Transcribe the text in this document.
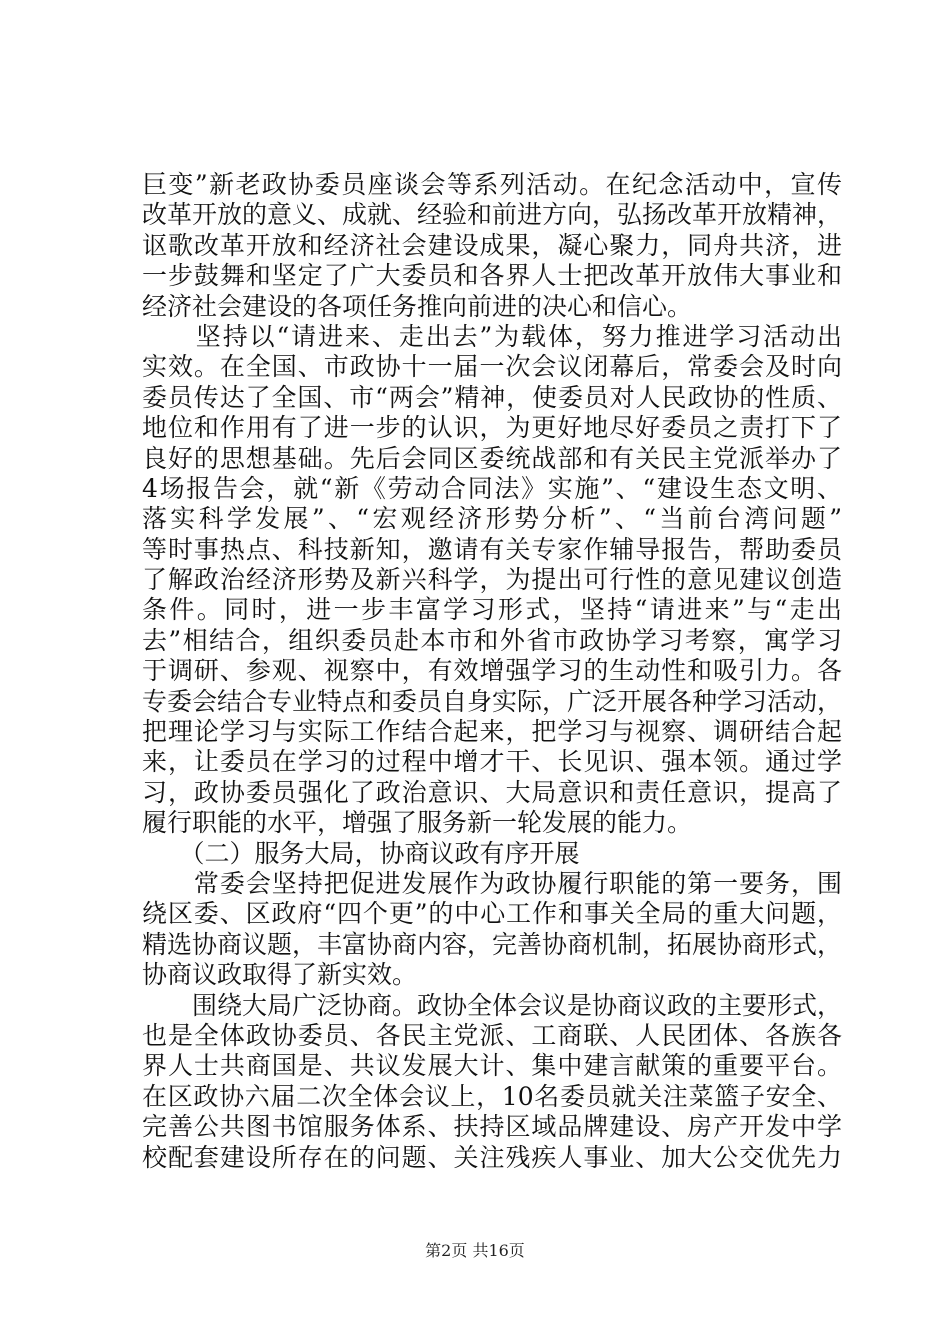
巨变”新老政协委员座谈会等系列活动。在纪念活动中，宣传
改革开放的意义、成就、经验和前进方向，弘扬改革开放精神，
讴歌改革开放和经济社会建设成果，凝心聚力，同舟共济，进
一步鼓舞和坚定了广大委员和各界人士把改革开放伟大事业和
经济社会建设的各项任务推向前进的决心和信心。
　　坚持以“请进来、走出去”为载体，努力推进学习活动出
实效。在全国、市政协十一届一次会议闭幕后，常委会及时向
委员传达了全国、市“两会”精神，使委员对人民政协的性质、
地位和作用有了进一步的认识，为更好地尽好委员之责打下了
良好的思想基础。先后会同区委统战部和有关民主党派举办了
4场报告会，就“新《劳动合同法》实施”、“建设生态文明、
落实科学发展”、“宏观经济形势分析”、“当前台湾问题”
等时事热点、科技新知，邀请有关专家作辅导报告，帮助委员
了解政治经济形势及新兴科学，为提出可行性的意见建议创造
条件。同时，进一步丰富学习形式，坚持“请进来”与“走出
去”相结合，组织委员赴本市和外省市政协学习考察，寓学习
于调研、参观、视察中，有效增强学习的生动性和吸引力。各
专委会结合专业特点和委员自身实际，广泛开展各种学习活动，
把理论学习与实际工作结合起来，把学习与视察、调研结合起
来，让委员在学习的过程中增才干、长见识、强本领。通过学
习，政协委员强化了政治意识、大局意识和责任意识，提高了
履行职能的水平，增强了服务新一轮发展的能力。
　　（二）服务大局，协商议政有序开展
　　常委会坚持把促进发展作为政协履行职能的第一要务，围
绕区委、区政府“四个更”的中心工作和事关全局的重大问题，
精选协商议题，丰富协商内容，完善协商机制，拓展协商形式，
协商议政取得了新实效。
　　围绕大局广泛协商。政协全体会议是协商议政的主要形式，
也是全体政协委员、各民主党派、工商联、人民团体、各族各
界人士共商国是、共议发展大计、集中建言献策的重要平台。
在区政协六届二次全体会议上，10名委员就关注菜篮子安全、
完善公共图书馆服务体系、扶持区域品牌建设、房产开发中学
校配套建设所存在的问题、关注残疾人事业、加大公交优先力
第2页 共16页
